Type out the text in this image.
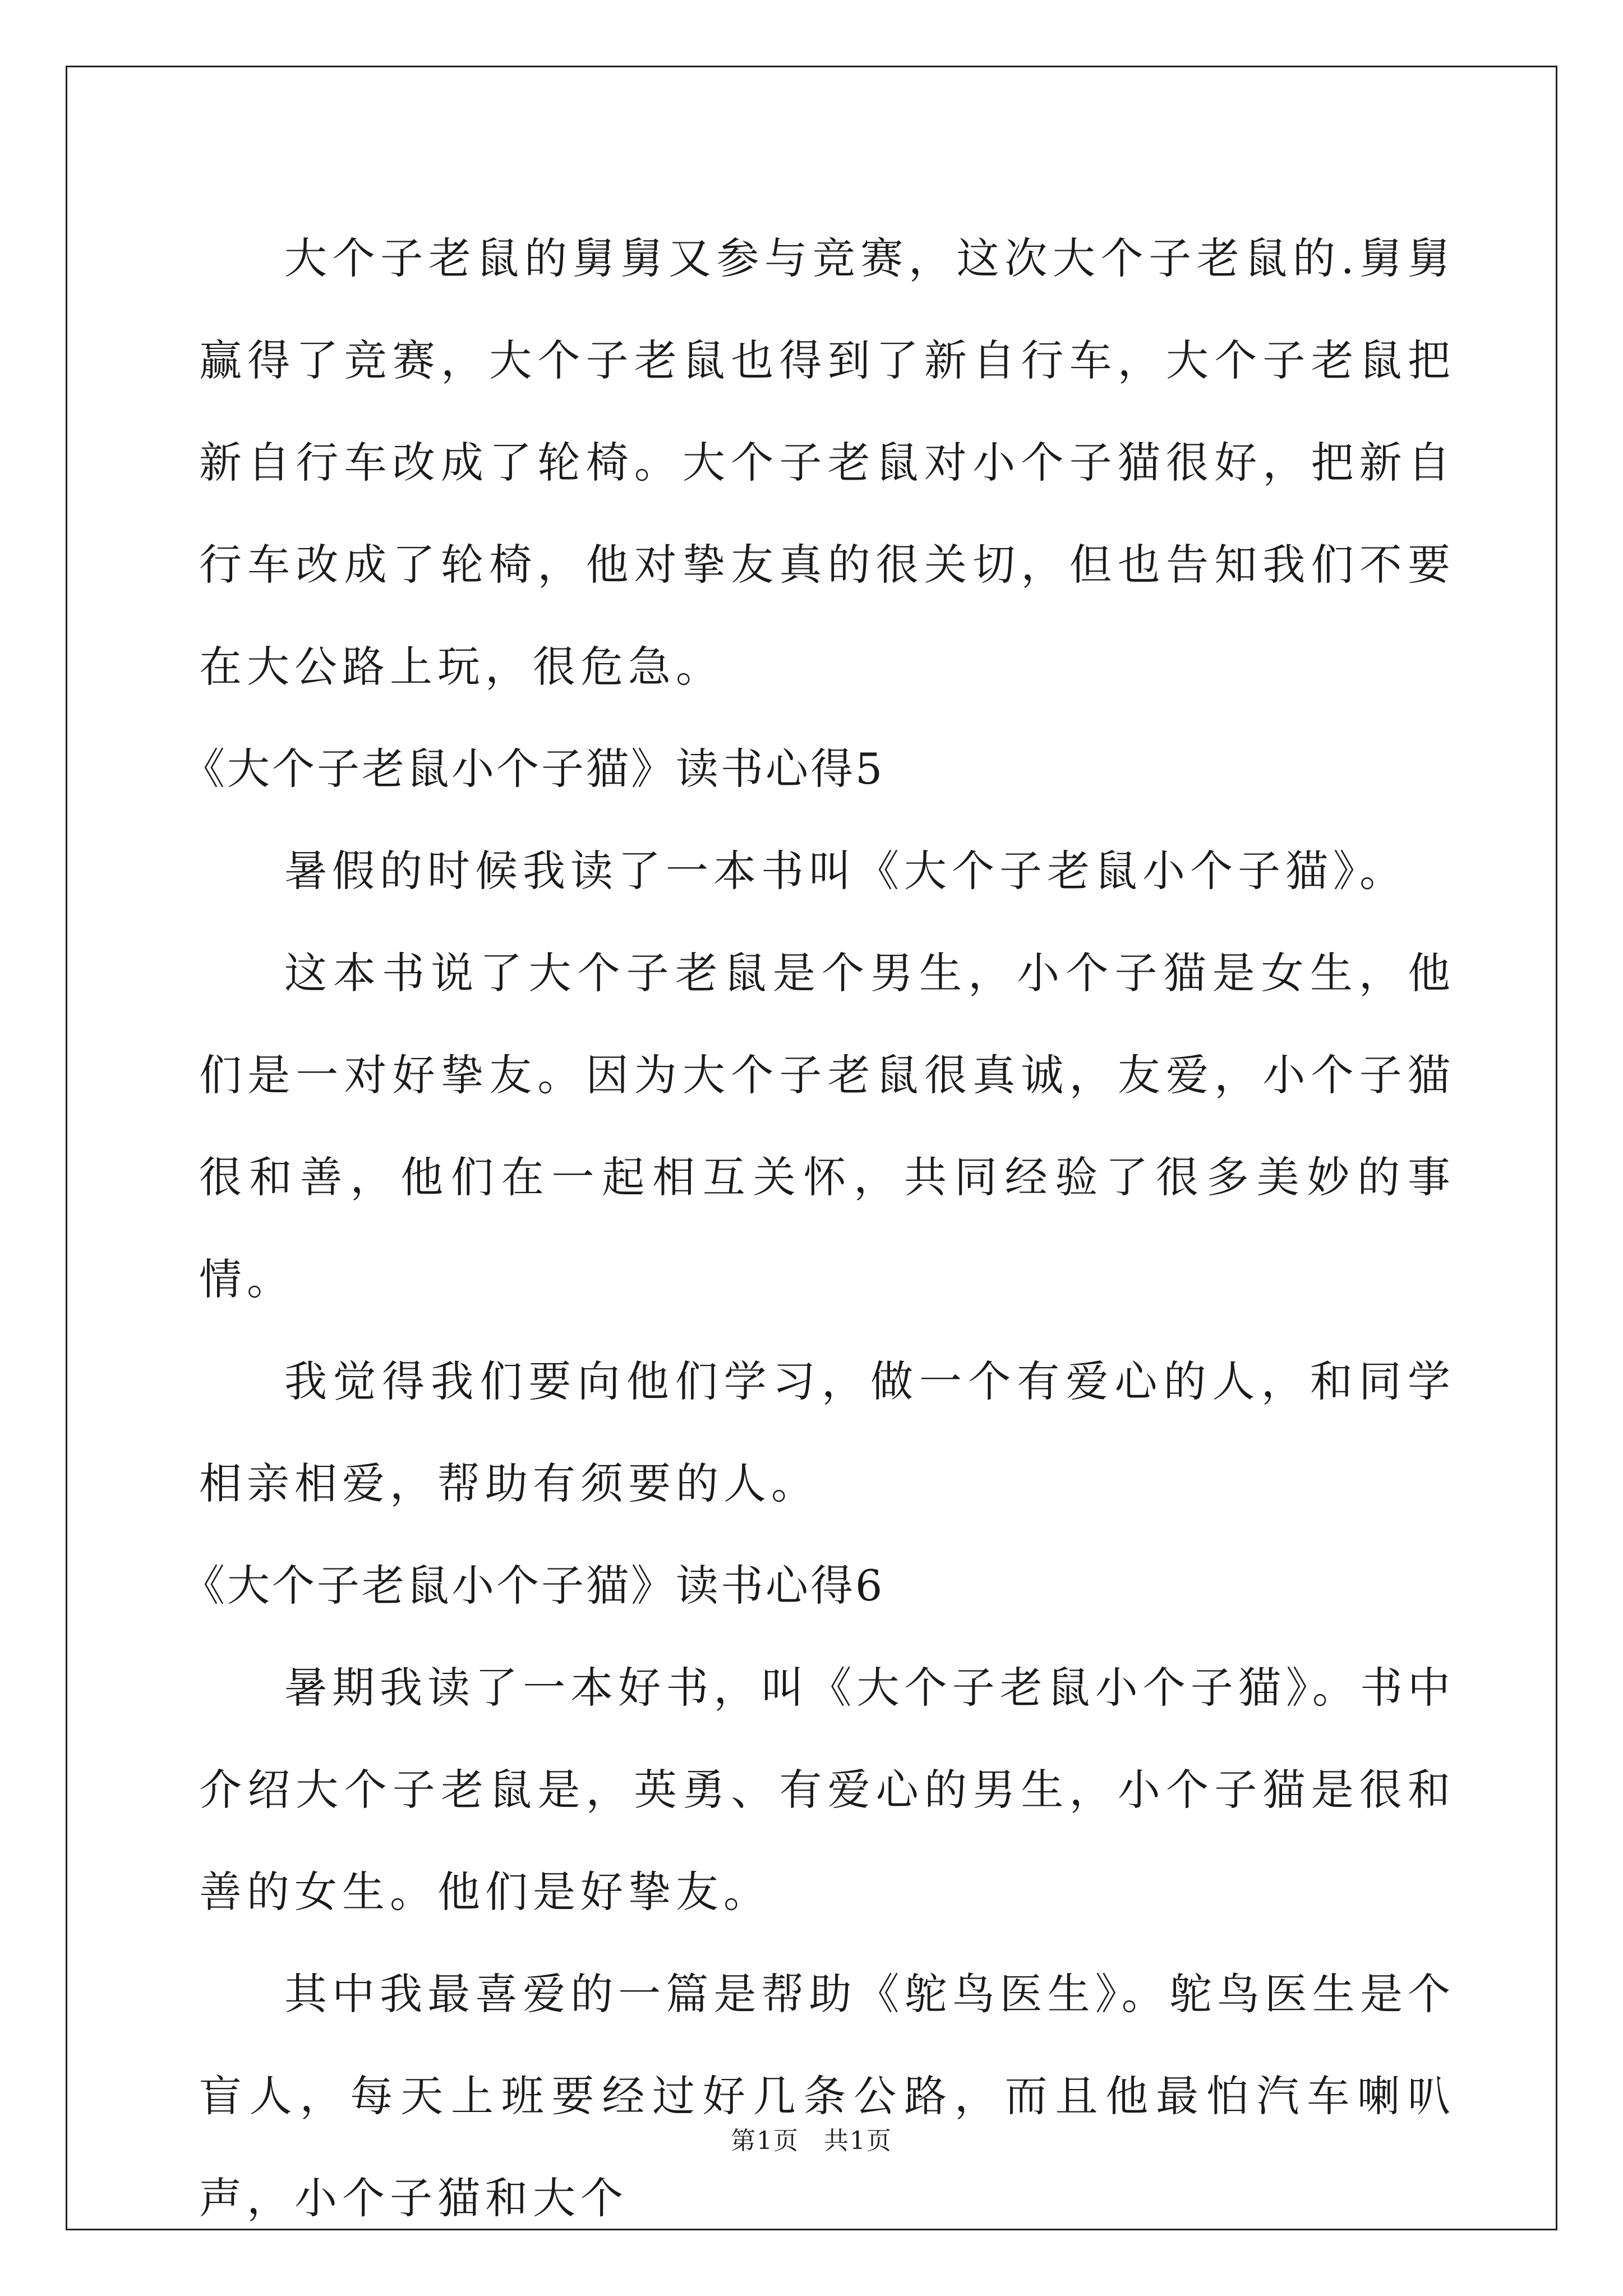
大个子老鼠的舅舅又参与竞赛，这次大个子老鼠的.舅舅赢得了竞赛，大个子老鼠也得到了新自行车，大个子老鼠把新自行车改成了轮椅。大个子老鼠对小个子猫很好，把新自行车改成了轮椅，他对挚友真的很关切，但也告知我们不要在大公路上玩，很危急。

《大个子老鼠小个子猫》读书心得5

暑假的时候我读了一本书叫《大个子老鼠小个子猫》。

这本书说了大个子老鼠是个男生，小个子猫是女生，他们是一对好挚友。因为大个子老鼠很真诚，友爱，小个子猫很和善，他们在一起相互关怀，共同经验了很多美妙的事情。

我觉得我们要向他们学习，做一个有爱心的人，和同学相亲相爱，帮助有须要的人。

《大个子老鼠小个子猫》读书心得6

暑期我读了一本好书，叫《大个子老鼠小个子猫》。书中介绍大个子老鼠是，英勇、有爱心的男生，小个子猫是很和善的女生。他们是好挚友。

其中我最喜爱的一篇是帮助《鸵鸟医生》。鸵鸟医生是个盲人，每天上班要经过好几条公路，而且他最怕汽车喇叭声，小个子猫和大个

第1页 共1页
